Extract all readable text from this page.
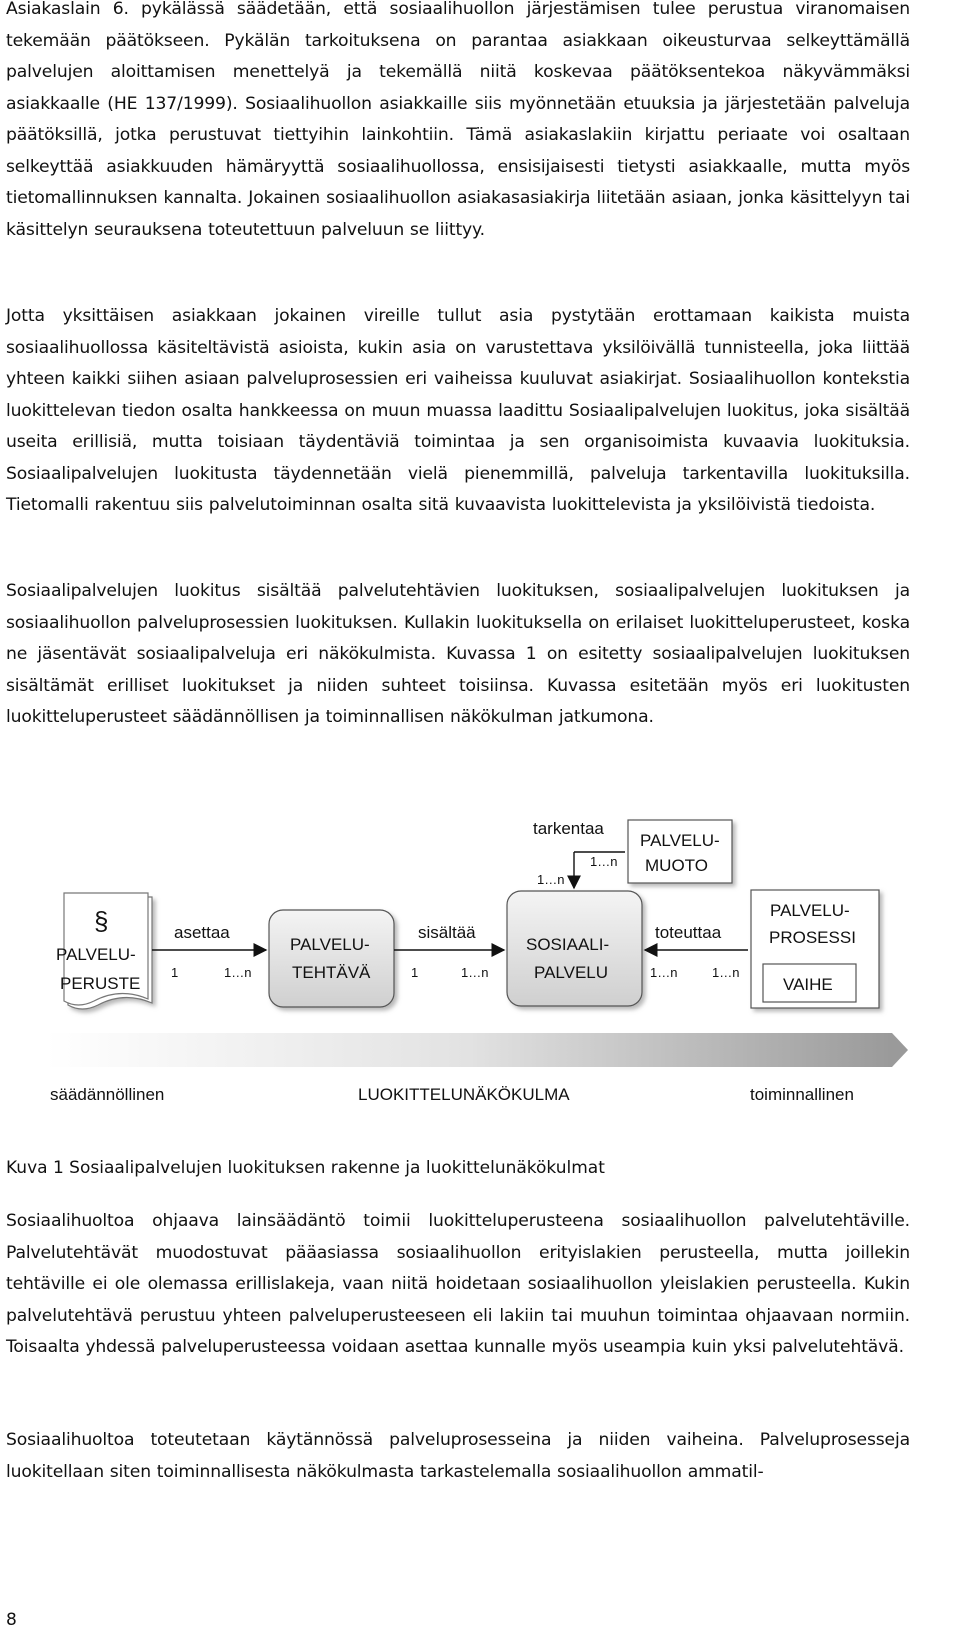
Asiakaslain 6. pykälässä säädetään, että sosiaalihuollon järjestämisen tulee perustua viranomaisen tekemään päätökseen. Pykälän tarkoituksena on parantaa asiakkaan oikeusturvaa selkeyttämällä palvelujen aloittamisen menettelyä ja tekemällä niitä koskevaa päätöksentekoa näkyvämmäksi asiakkaalle (HE 137/1999). Sosiaalihuollon asiakkaille siis myönnetään etuuksia ja järjestetään palveluja päätöksillä, jotka perustuvat tiettyihin lainkohtiin. Tämä asiakaslakiin kirjattu periaate voi osaltaan selkeyttää asiakkuuden hämäryyttä sosiaalihuollossa, ensisijaisesti tietysti asiakkaalle, mutta myös tietomallinnuksen kannalta. Jokainen sosiaalihuollon asiakasasiakirja liitetään asiaan, jonka käsittelyyn tai käsittelyn seurauksena toteutettuun palveluun se liittyy.

Jotta yksittäisen asiakkaan jokainen vireille tullut asia pystytään erottamaan kaikista muista sosiaalihuollossa käsiteltävistä asioista, kukin asia on varustettava yksilöivällä tunnisteella, joka liittää yhteen kaikki siihen asiaan palveluprosessien eri vaiheissa kuuluvat asiakirjat. Sosiaalihuollon kontekstia luokittelevan tiedon osalta hankkeessa on muun muassa laadittu Sosiaalipalvelujen luokitus, joka sisältää useita erillisiä, mutta toisiaan täydentäviä toimintaa ja sen organisoimista kuvaavia luokituksia. Sosiaalipalvelujen luokitusta täydennetään vielä pienemmillä, palveluja tarkentavilla luokituksilla. Tietomalli rakentuu siis palvelutoiminnan osalta sitä kuvaavista luokittelevista ja yksilöivistä tiedoista.

Sosiaalipalvelujen luokitus sisältää palvelutehtävien luokituksen, sosiaalipalvelujen luokituksen ja sosiaalihuollon palveluprosessien luokituksen. Kullakin luokituksella on erilaiset luokitteluperusteet, koska ne jäsentävät sosiaalipalveluja eri näkökulmista. Kuvassa 1 on esitetty sosiaalipalvelujen luokituksen sisältämät erilliset luokitukset ja niiden suhteet toisiinsa. Kuvassa esitetään myös eri luokitusten luokitteluperusteet säädännöllisen ja toiminnallisen näkökulman jatkumona.

§
PALVELU-
PERUSTE
PALVELU-
TEHTÄVÄ
SOSIAALI-
PALVELU
PALVELU-
MUOTO
PALVELU-
PROSESSI
VAIHE
asettaa	sisältää	toteuttaa
tarkentaa
1	1…n	1	1…n	1…n	1…n
1…n
1…n
säädännöllinen	LUOKITTELUNÄKÖKULMA	toiminnallinen
Kuva 1 Sosiaalipalvelujen luokituksen rakenne ja luokittelunäkökulmat

Sosiaalihuoltoa ohjaava lainsäädäntö toimii luokitteluperusteena sosiaalihuollon palvelutehtäville. Palvelutehtävät muodostuvat pääasiassa sosiaalihuollon erityislakien perusteella, mutta joillekin tehtäville ei ole olemassa erillislakeja, vaan niitä hoidetaan sosiaalihuollon yleislakien perusteella. Kukin palvelutehtävä perustuu yhteen palveluperusteeseen eli lakiin tai muuhun toimintaa ohjaavaan normiin. Toisaalta yhdessä palveluperusteessa voidaan asettaa kunnalle myös useampia kuin yksi palvelutehtävä.

Sosiaalihuoltoa toteutetaan käytännössä palveluprosesseina ja niiden vaiheina. Palveluprosesseja luokitellaan siten toiminnallisesta näkökulmasta tarkastelemalla sosiaalihuollon ammatil-

8
